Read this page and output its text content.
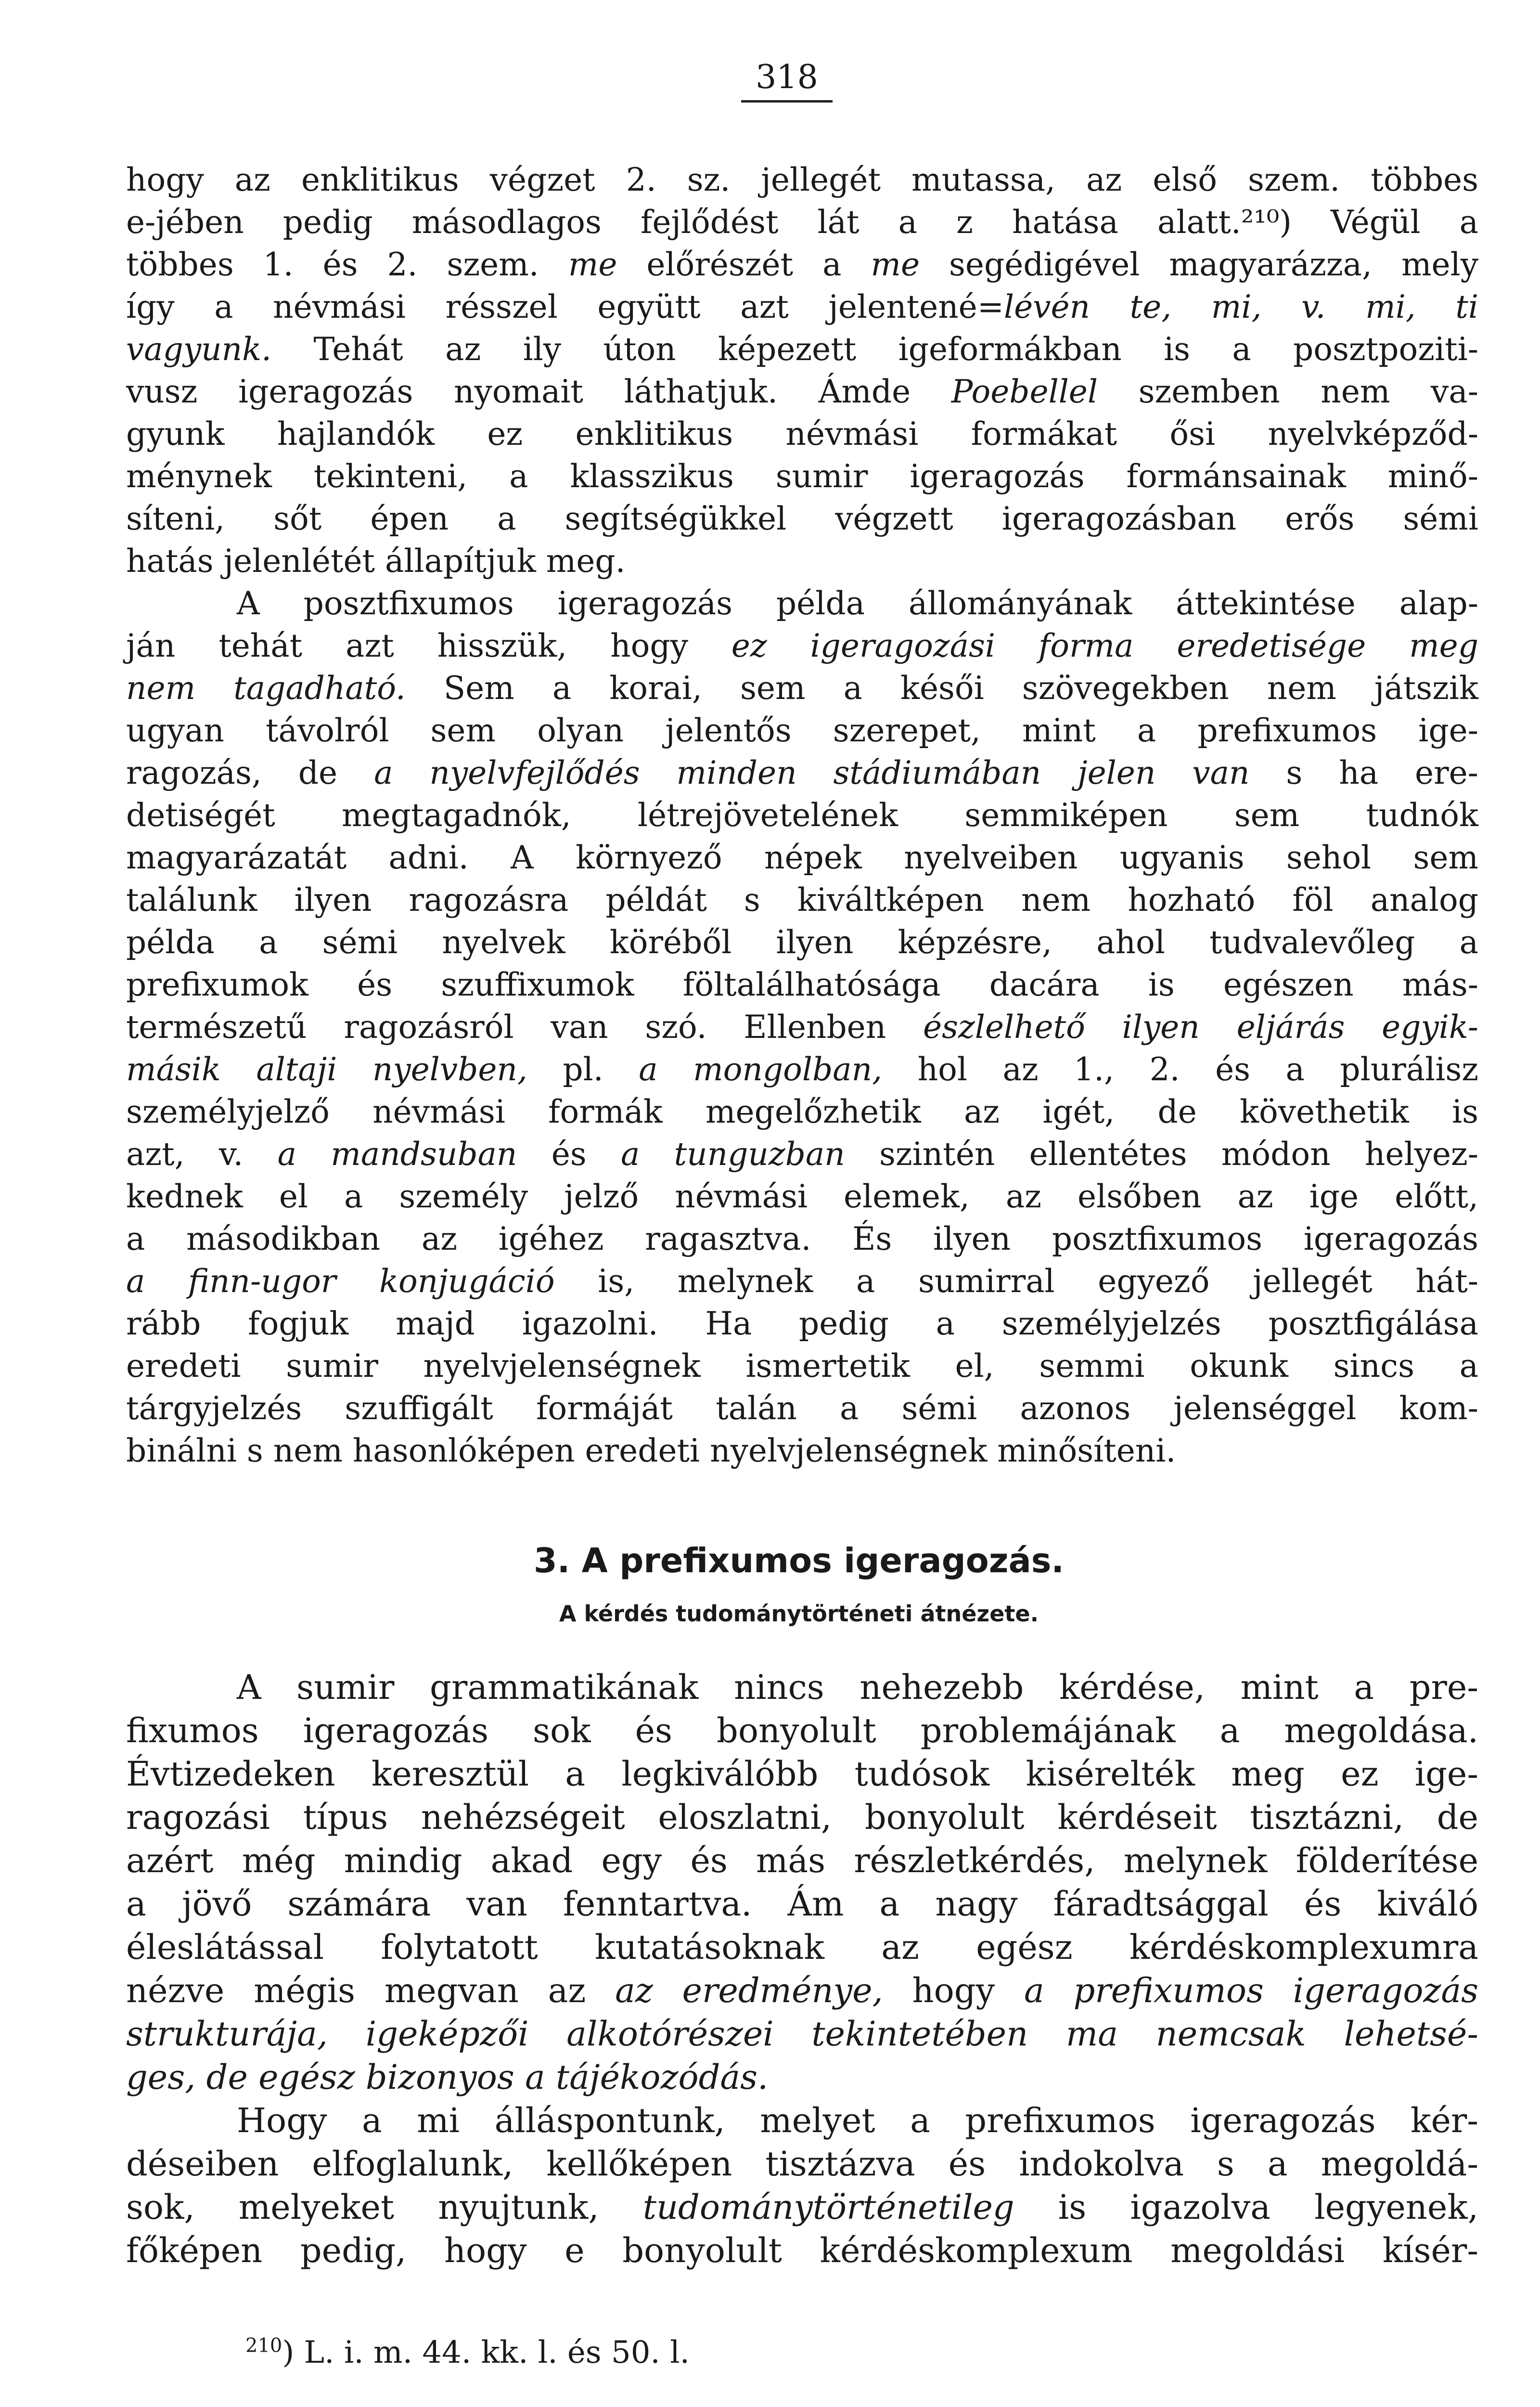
318
hogy az enklitikus végzet 2. sz. jellegét mutassa, az első szem. többes
e-jében pedig másodlagos fejlődést lát a z hatása alatt.²¹⁰) Végül a
többes 1. és 2. szem. me előrészét a me segédigével magyarázza, mely
így a névmási résszel együtt azt jelentené=lévén te, mi, v. mi, ti
vagyunk. Tehát az ily úton képezett igeformákban is a posztpoziti-
vusz igeragozás nyomait láthatjuk. Ámde Poebellel szemben nem va-
gyunk hajlandók ez enklitikus névmási formákat ősi nyelvképződ-
ménynek tekinteni, a klasszikus sumir igeragozás formánsainak minő-
síteni, sőt épen a segítségükkel végzett igeragozásban erős sémi
hatás jelenlétét állapítjuk meg.
A posztfixumos igeragozás példa állományának áttekintése alap-
ján tehát azt hisszük, hogy ez igeragozási forma eredetisége meg
nem tagadható. Sem a korai, sem a késői szövegekben nem játszik
ugyan távolról sem olyan jelentős szerepet, mint a prefixumos ige-
ragozás, de a nyelvfejlődés minden stádiumában jelen van s ha ere-
detiségét megtagadnók, létrejövetelének semmiképen sem tudnók
magyarázatát adni. A környező népek nyelveiben ugyanis sehol sem
találunk ilyen ragozásra példát s kiváltképen nem hozható föl analog
példa a sémi nyelvek köréből ilyen képzésre, ahol tudvalevőleg a
prefixumok és szuffixumok föltalálhatósága dacára is egészen más-
természetű ragozásról van szó. Ellenben észlelhető ilyen eljárás egyik-
másik altaji nyelvben, pl. a mongolban, hol az 1., 2. és a plurálisz
személyjelző névmási formák megelőzhetik az igét, de követhetik is
azt, v. a mandsuban és a tunguzban szintén ellentétes módon helyez-
kednek el a személy jelző névmási elemek, az elsőben az ige előtt,
a másodikban az igéhez ragasztva. És ilyen posztfixumos igeragozás
a finn-ugor konjugáció is, melynek a sumirral egyező jellegét hát-
rább fogjuk majd igazolni. Ha pedig a személyjelzés posztfigálása
eredeti sumir nyelvjelenségnek ismertetik el, semmi okunk sincs a
tárgyjelzés szuffigált formáját talán a sémi azonos jelenséggel kom-
binálni s nem hasonlóképen eredeti nyelvjelenségnek minősíteni.
3. A prefixumos igeragozás.
A kérdés tudománytörténeti átnézete.
A sumir grammatikának nincs nehezebb kérdése, mint a pre-
fixumos igeragozás sok és bonyolult problemájának a megoldása.
Évtizedeken keresztül a legkiválóbb tudósok kisérelték meg ez ige-
ragozási típus nehézségeit eloszlatni, bonyolult kérdéseit tisztázni, de
azért még mindig akad egy és más részletkérdés, melynek földerítése
a jövő számára van fenntartva. Ám a nagy fáradtsággal és kiváló
éleslátással folytatott kutatásoknak az egész kérdéskomplexumra
nézve mégis megvan az az eredménye, hogy a prefixumos igeragozás
strukturája, igeképzői alkotórészei tekintetében ma nemcsak lehetsé-
ges, de egész bizonyos a tájékozódás.
Hogy a mi álláspontunk, melyet a prefixumos igeragozás kér-
déseiben elfoglalunk, kellőképen tisztázva és indokolva s a megoldá-
sok, melyeket nyujtunk, tudománytörténetileg is igazolva legyenek,
főképen pedig, hogy e bonyolult kérdéskomplexum megoldási kísér-
$^{210}$) L. i. m. 44. kk. l. és 50. l.
